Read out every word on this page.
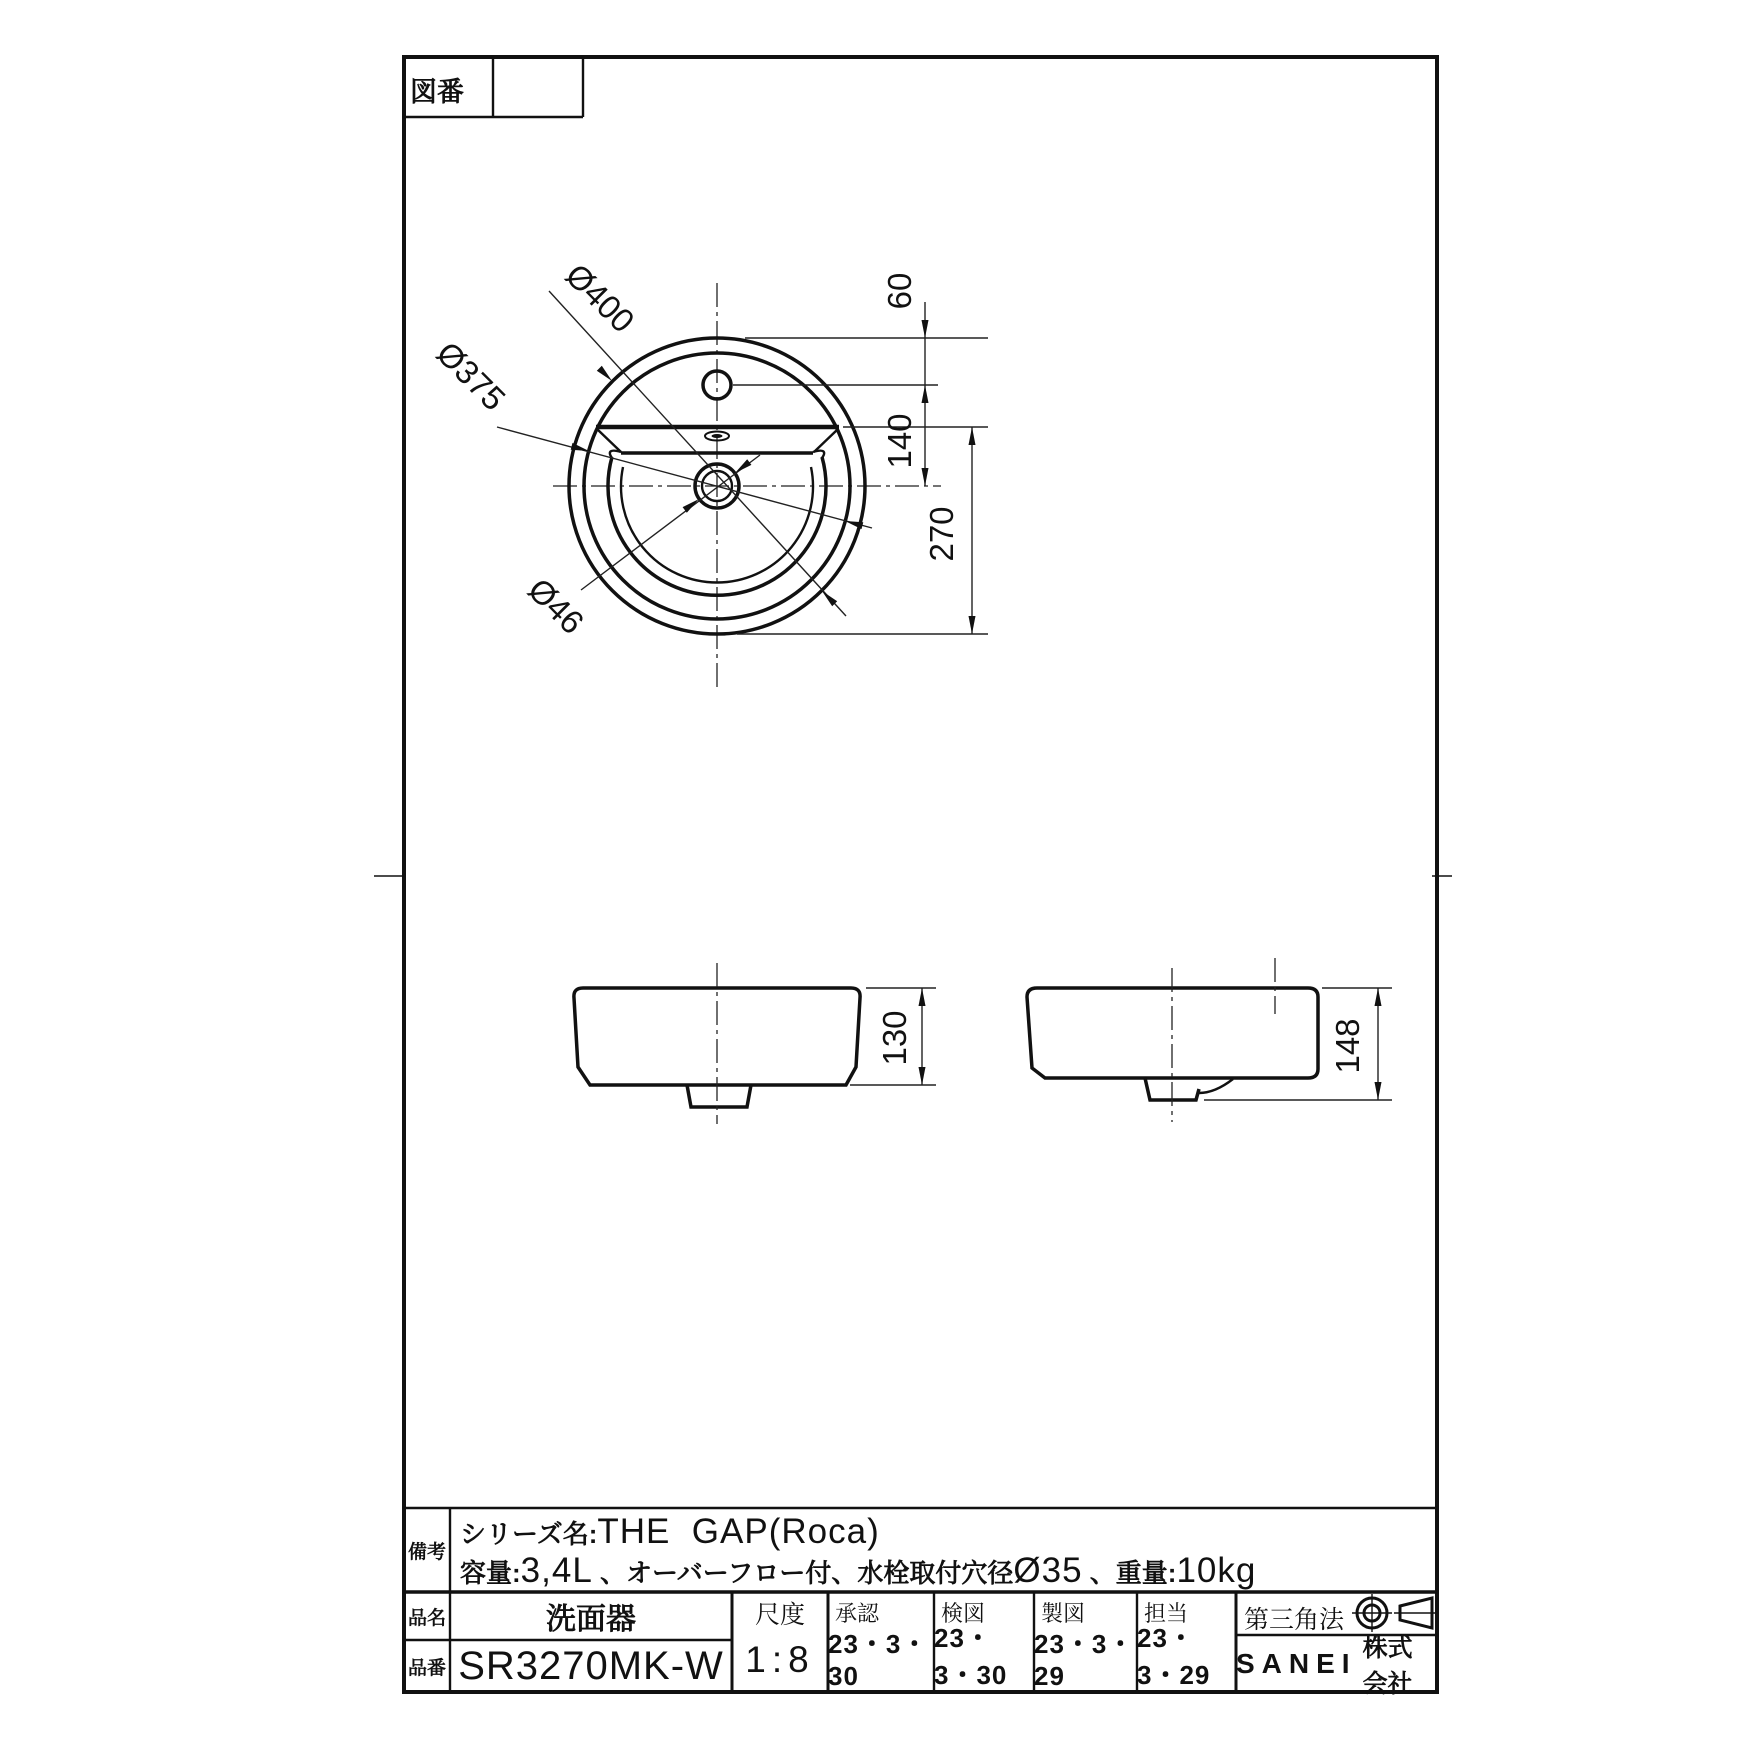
Ø400
Ø375
Ø46
60
140
270
130	148
図番
備考
シリーズ名: THE  GAP(Roca)
容量: 3,4L 、オーバーフロー付、水栓取付穴径 Ø35 、重量: 10kg
品名	洗面器
品番 SR3270MK-W
尺度
1:8
承認
23・3・30
検図
23・3・30
製図
23・3・29
担当
23・3・29
第三角法
SANEI 株式会社
